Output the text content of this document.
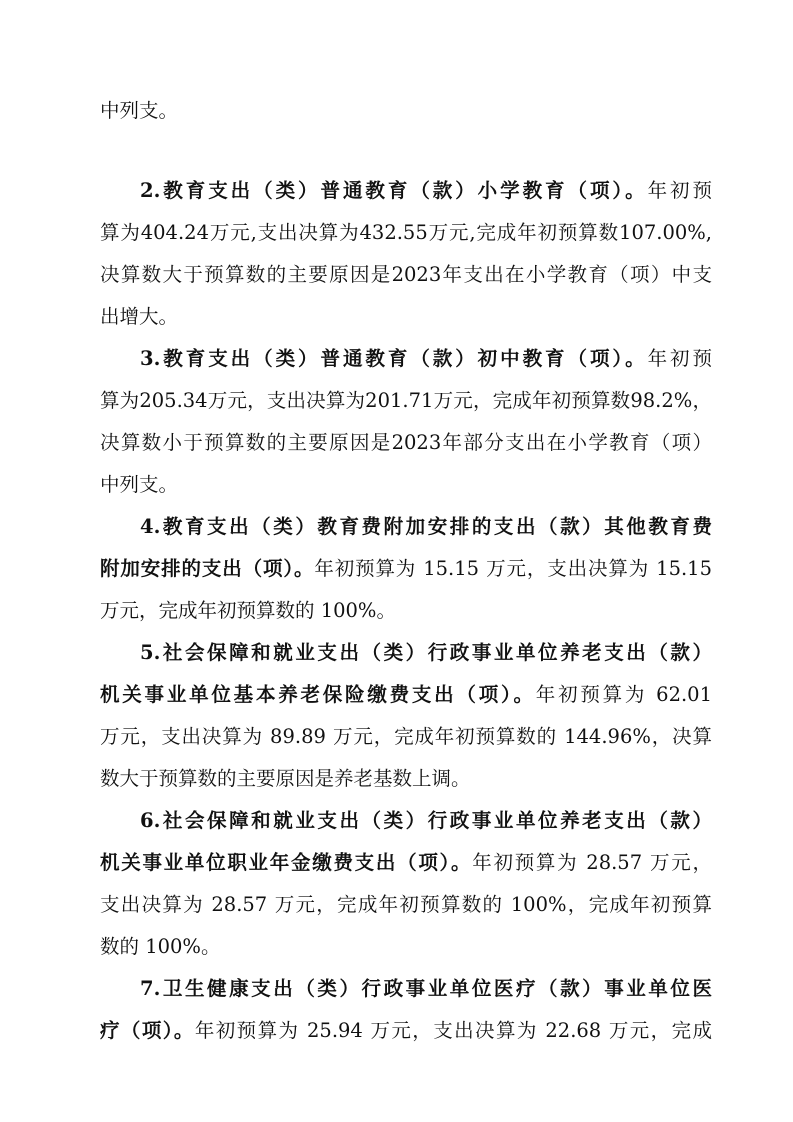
中列支。
2.教育支出（类）普通教育（款）小学教育（项）。年初预
算为404.24万元,支出决算为432.55万元,完成年初预算数107.00%,
决算数大于预算数的主要原因是2023年支出在小学教育（项）中支
出增大。
3.教育支出（类）普通教育（款）初中教育（项）。年初预
算为205.34万元，支出决算为201.71万元，完成年初预算数98.2%，
决算数小于预算数的主要原因是2023年部分支出在小学教育（项）
中列支。
4.教育支出（类）教育费附加安排的支出（款）其他教育费
附加安排的支出（项）。年初预算为 15.15 万元，支出决算为 15.15
万元，完成年初预算数的 100%。
5.社会保障和就业支出（类）行政事业单位养老支出（款）
机关事业单位基本养老保险缴费支出（项）。年初预算为 62.01
万元，支出决算为 89.89 万元，完成年初预算数的 144.96%，决算
数大于预算数的主要原因是养老基数上调。
6.社会保障和就业支出（类）行政事业单位养老支出（款）
机关事业单位职业年金缴费支出（项）。年初预算为 28.57 万元，
支出决算为 28.57 万元，完成年初预算数的 100%，完成年初预算
数的 100%。
7.卫生健康支出（类）行政事业单位医疗（款）事业单位医
疗（项）。年初预算为 25.94 万元，支出决算为 22.68 万元，完成
